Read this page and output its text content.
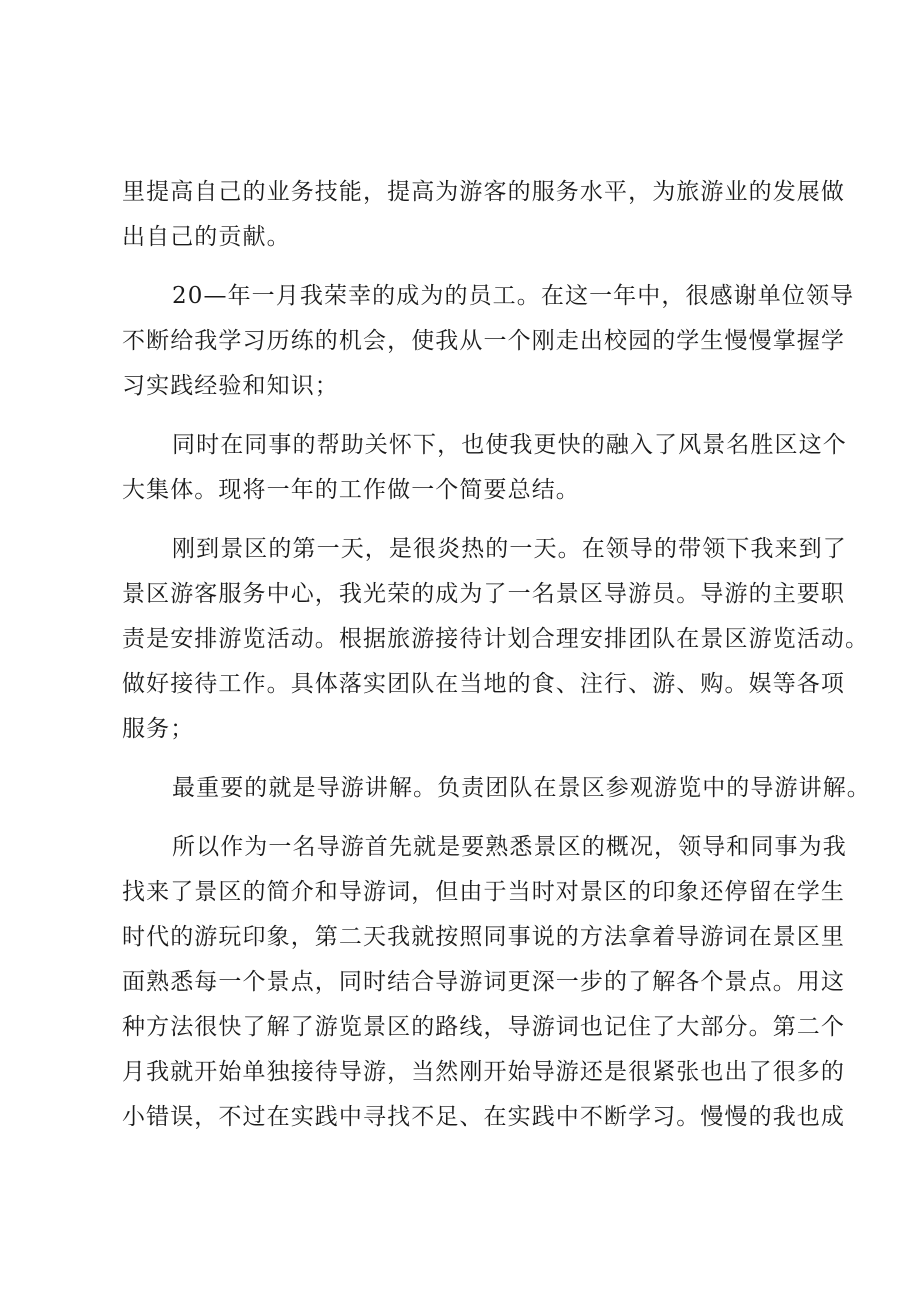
里提高自己的业务技能，提高为游客的服务水平，为旅游业的发展做
出自己的贡献。
20—年一月我荣幸的成为的员工。在这一年中，很感谢单位领导
不断给我学习历练的机会，使我从一个刚走出校园的学生慢慢掌握学
习实践经验和知识；
同时在同事的帮助关怀下，也使我更快的融入了风景名胜区这个
大集体。现将一年的工作做一个简要总结。
刚到景区的第一天，是很炎热的一天。在领导的带领下我来到了
景区游客服务中心，我光荣的成为了一名景区导游员。导游的主要职
责是安排游览活动。根据旅游接待计划合理安排团队在景区游览活动。
做好接待工作。具体落实团队在当地的食、注行、游、购。娱等各项
服务；
最重要的就是导游讲解。负责团队在景区参观游览中的导游讲解。
所以作为一名导游首先就是要熟悉景区的概况，领导和同事为我
找来了景区的简介和导游词，但由于当时对景区的印象还停留在学生
时代的游玩印象，第二天我就按照同事说的方法拿着导游词在景区里
面熟悉每一个景点，同时结合导游词更深一步的了解各个景点。用这
种方法很快了解了游览景区的路线，导游词也记住了大部分。第二个
月我就开始单独接待导游，当然刚开始导游还是很紧张也出了很多的
小错误，不过在实践中寻找不足、在实践中不断学习。慢慢的我也成
